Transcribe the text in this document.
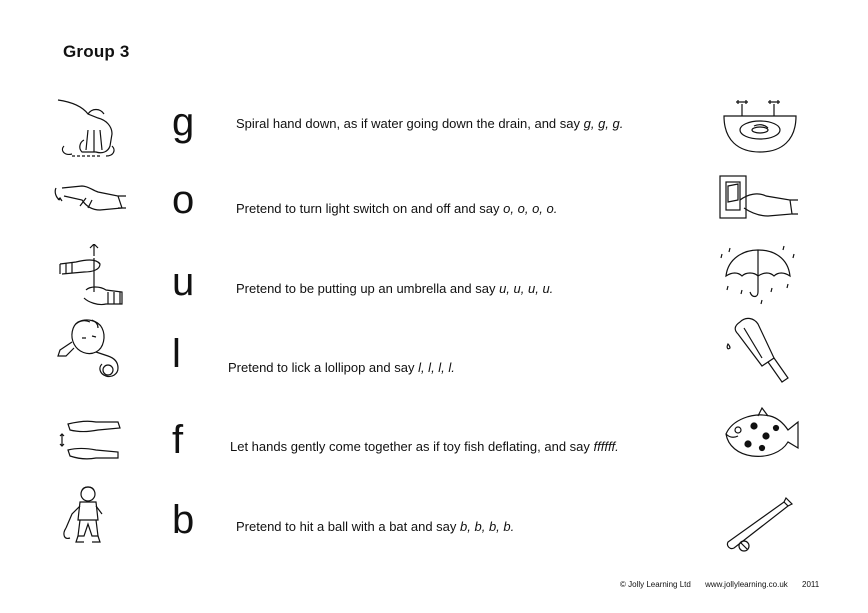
Group 3
g	Spiral hand down, as if water going down the drain, and say g, g, g.
o	Pretend to turn light switch on and off and say o, o, o, o.
u	Pretend to be putting up an umbrella and say u, u, u, u.
l	Pretend to lick a lollipop and say l, l, l, l.
f	Let hands gently come together as if toy fish deflating, and say ffffff.
b	Pretend to hit a ball with a bat and say b, b, b, b.
© Jolly Learning Ltd www.jollylearning.co.uk 2011
